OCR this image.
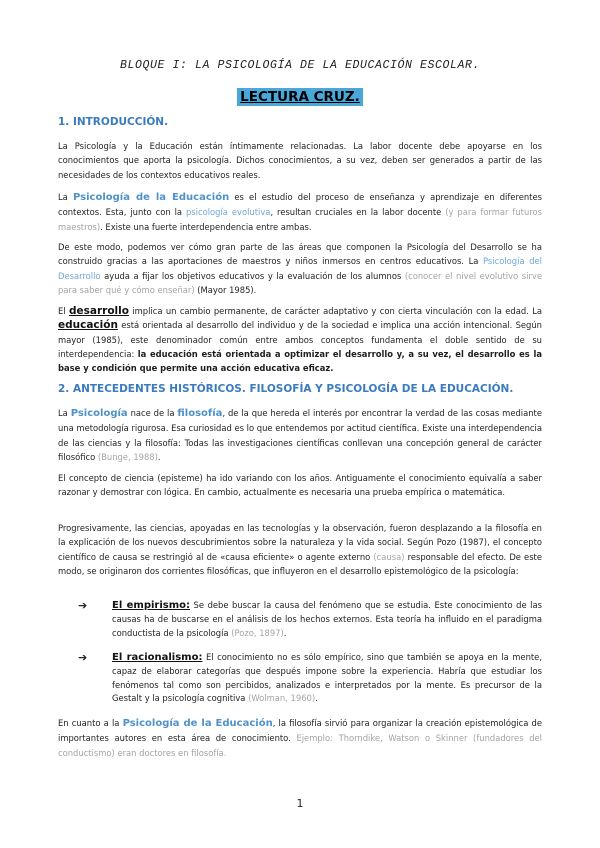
BLOQUE I: LA PSICOLOGÍA DE LA EDUCACIÓN ESCOLAR.
LECTURA CRUZ.
1. INTRODUCCIÓN.
La Psicología y la Educación están íntimamente relacionadas. La labor docente debe apoyarse en los conocimientos que aporta la psicología. Dichos conocimientos, a su vez, deben ser generados a partir de las necesidades de los contextos educativos reales.
La Psicología de la Educación es el estudio del proceso de enseñanza y aprendizaje en diferentes contextos. Esta, junto con la psicología evolutiva, resultan cruciales en la labor docente (y para formar futuros maestros). Existe una fuerte interdependencia entre ambas.
De este modo, podemos ver cómo gran parte de las áreas que componen la Psicología del Desarrollo se ha construido gracias a las aportaciones de maestros y niños inmersos en centros educativos. La Psicología del Desarrollo ayuda a fijar los objetivos educativos y la evaluación de los alumnos (conocer el nivel evolutivo sirve para saber qué y cómo enseñar) (Mayor 1985).
El desarrollo implica un cambio permanente, de carácter adaptativo y con cierta vinculación con la edad. La educación está orientada al desarrollo del individuo y de la sociedad e implica una acción intencional. Según mayor (1985), este denominador común entre ambos conceptos fundamenta el doble sentido de su interdependencia: la educación está orientada a optimizar el desarrollo y, a su vez, el desarrollo es la base y condición que permite una acción educativa eficaz.
2. ANTECEDENTES HISTÓRICOS. FILOSOFÍA Y PSICOLOGÍA DE LA EDUCACIÓN.
La Psicología nace de la filosofía, de la que hereda el interés por encontrar la verdad de las cosas mediante una metodología rigurosa. Esa curiosidad es lo que entendemos por actitud científica. Existe una interdependencia de las ciencias y la filosofía: Todas las investigaciones científicas conllevan una concepción general de carácter filosófico (Bunge, 1988).
El concepto de ciencia (episteme) ha ido variando con los años. Antiguamente el conocimiento equivalía a saber razonar y demostrar con lógica. En cambio, actualmente es necesaria una prueba empírica o matemática.
Progresivamente, las ciencias, apoyadas en las tecnologías y la observación, fueron desplazando a la filosofía en la explicación de los nuevos descubrimientos sobre la naturaleza y la vida social. Según Pozo (1987), el concepto científico de causa se restringió al de «causa eficiente» o agente externo (causa) responsable del efecto. De este modo, se originaron dos corrientes filosóficas, que influyeron en el desarrollo epistemológico de la psicología:
➔ El empirismo: Se debe buscar la causa del fenómeno que se estudia. Este conocimiento de las causas ha de buscarse en el análisis de los hechos externos. Esta teoría ha influido en el paradigma conductista de la psicología (Pozo, 1897).
➔ El racionalismo: El conocimiento no es sólo empírico, sino que también se apoya en la mente, capaz de elaborar categorías que después impone sobre la experiencia. Habría que estudiar los fenómenos tal como son percibidos, analizados e interpretados por la mente. Es precursor de la Gestalt y la psicología cognitiva (Wolman, 1960).
En cuanto a la Psicología de la Educación, la filosofía sirvió para organizar la creación epistemológica de importantes autores en esta área de conocimiento. Ejemplo: Thorndike, Watson o Skinner (fundadores del conductismo) eran doctores en filosofía.
1
